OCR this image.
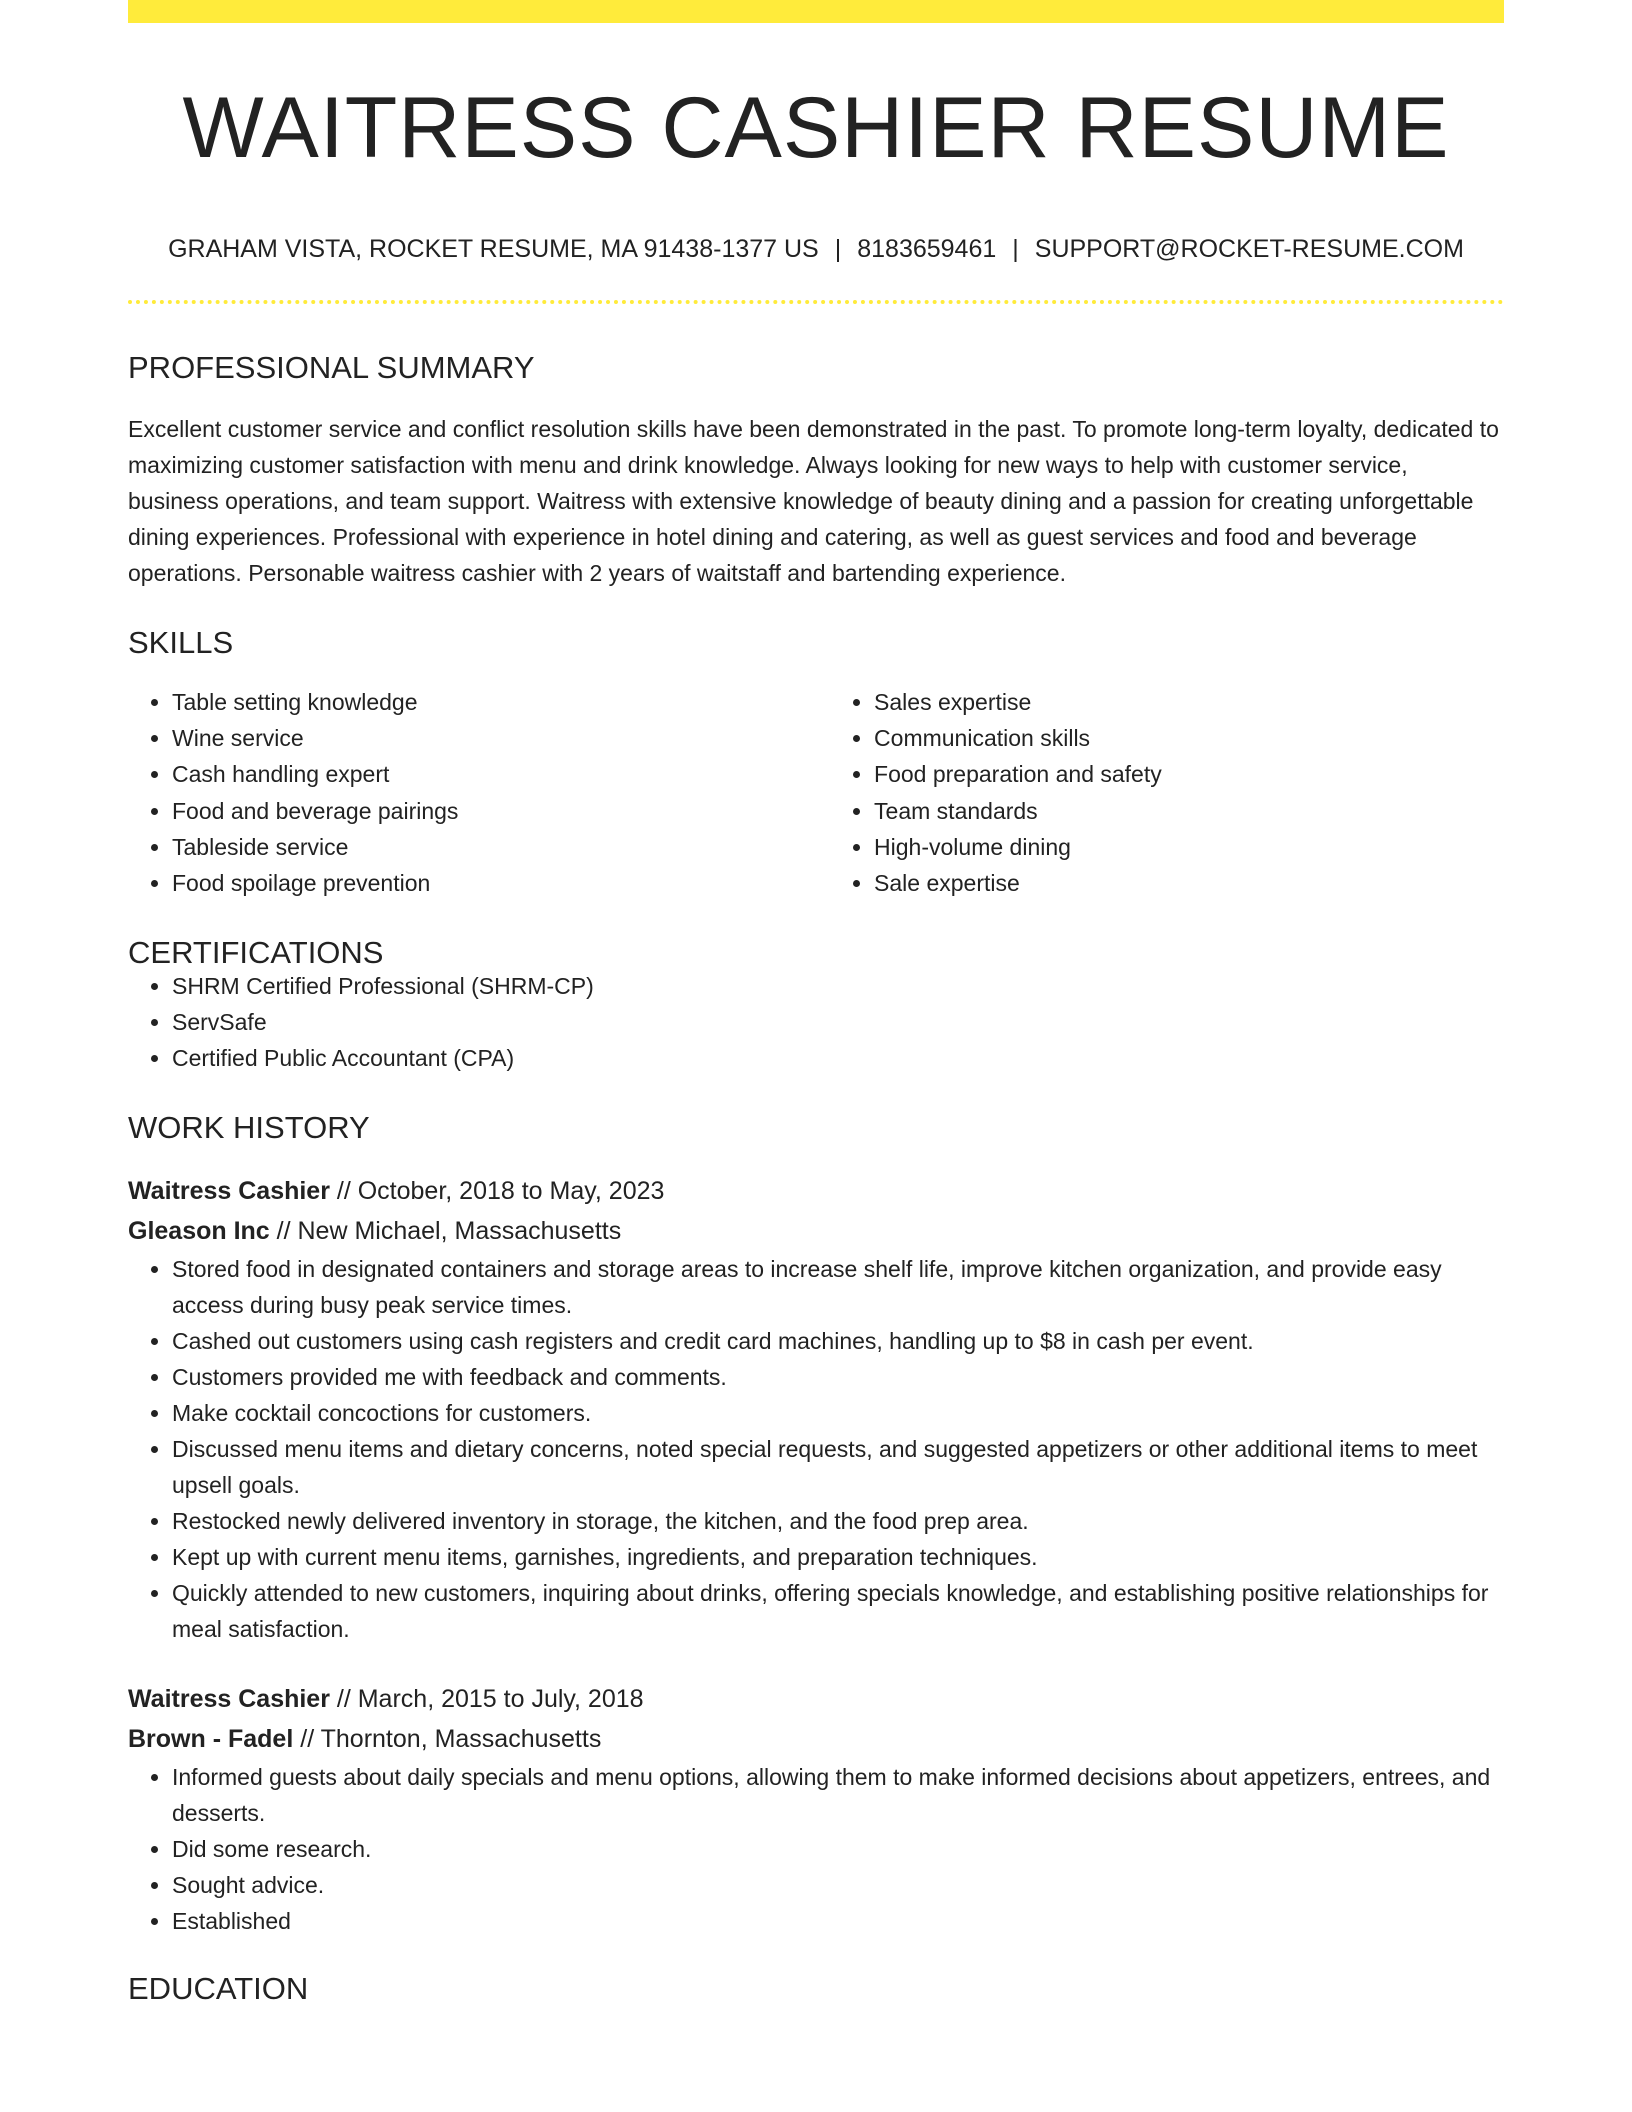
WAITRESS CASHIER RESUME
GRAHAM VISTA, ROCKET RESUME, MA 91438-1377 US | 8183659461 | SUPPORT@ROCKET-RESUME.COM
PROFESSIONAL SUMMARY

Excellent customer service and conflict resolution skills have been demonstrated in the past. To promote long-term loyalty, dedicated to maximizing customer satisfaction with menu and drink knowledge. Always looking for new ways to help with customer service, business operations, and team support. Waitress with extensive knowledge of beauty dining and a passion for creating unforgettable dining experiences. Professional with experience in hotel dining and catering, as well as guest services and food and beverage operations. Personable waitress cashier with 2 years of waitstaff and bartending experience.

SKILLS
• Table setting knowledge
• Wine service
• Cash handling expert
• Food and beverage pairings
• Tableside service
• Food spoilage prevention
• Sales expertise
• Communication skills
• Food preparation and safety
• Team standards
• High-volume dining
• Sale expertise
CERTIFICATIONS
• SHRM Certified Professional (SHRM-CP)
• ServSafe
• Certified Public Accountant (CPA)
WORK HISTORY
Waitress Cashier // October, 2018 to May, 2023
Gleason Inc // New Michael, Massachusetts
• Stored food in designated containers and storage areas to increase shelf life, improve kitchen organization, and provide easy access during busy peak service times.
• Cashed out customers using cash registers and credit card machines, handling up to $8 in cash per event.
• Customers provided me with feedback and comments.
• Make cocktail concoctions for customers.
• Discussed menu items and dietary concerns, noted special requests, and suggested appetizers or other additional items to meet upsell goals.
• Restocked newly delivered inventory in storage, the kitchen, and the food prep area.
• Kept up with current menu items, garnishes, ingredients, and preparation techniques.
• Quickly attended to new customers, inquiring about drinks, offering specials knowledge, and establishing positive relationships for meal satisfaction.
Waitress Cashier // March, 2015 to July, 2018
Brown - Fadel // Thornton, Massachusetts
• Informed guests about daily specials and menu options, allowing them to make informed decisions about appetizers, entrees, and desserts.
• Did some research.
• Sought advice.
• Established
EDUCATION
